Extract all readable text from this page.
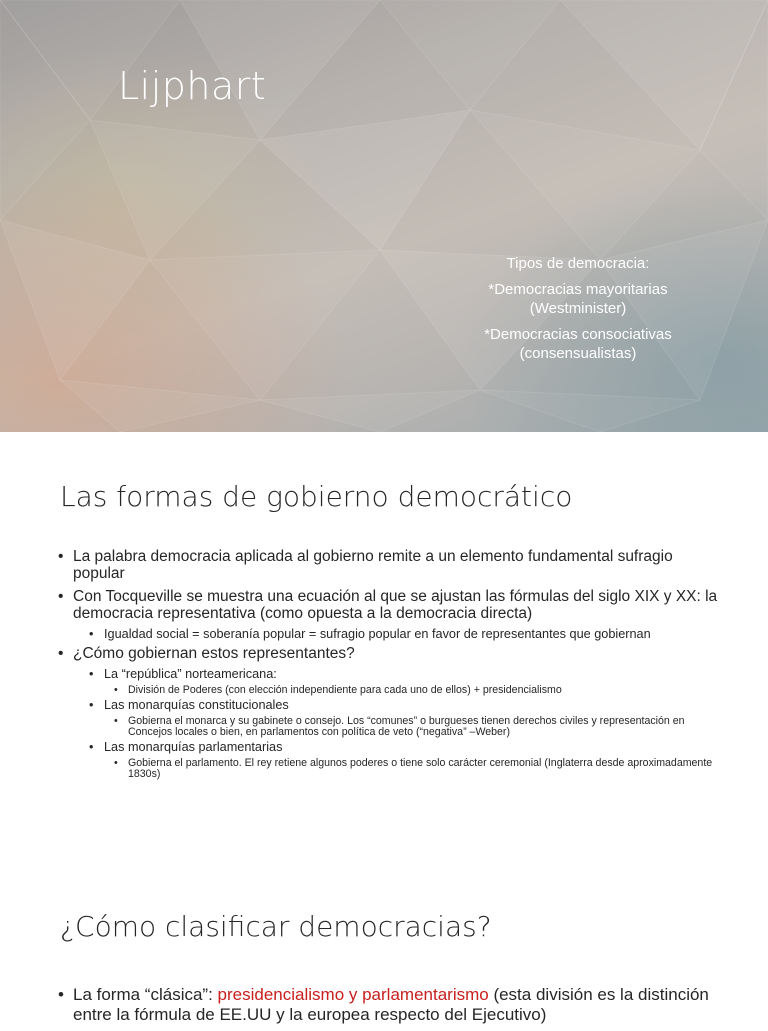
Lijphart
Tipos de democracia:
*Democracias mayoritarias (Westminister)
*Democracias consociativas (consensualistas)
Las formas de gobierno democrático
• La palabra democracia aplicada al gobierno remite a un elemento fundamental sufragio popular
• Con Tocqueville se muestra una ecuación al que se ajustan las fórmulas del siglo XIX y XX: la democracia representativa (como opuesta a la democracia directa)
• Igualdad social = soberanía popular = sufragio popular en favor de representantes que gobiernan
• ¿Cómo gobiernan estos representantes?
• La “república” norteamericana:
• División de Poderes (con elección independiente para cada uno de ellos) + presidencialismo
• Las monarquías constitucionales
• Gobierna el monarca y su gabinete o consejo. Los “comunes” o burgueses tienen derechos civiles y representación en Concejos locales o bien, en parlamentos con política de veto (“negativa” –Weber)
• Las monarquías parlamentarias
• Gobierna el parlamento. El rey retiene algunos poderes o tiene solo carácter ceremonial (Inglaterra desde aproximadamente 1830s)
¿Cómo clasificar democracias?
• La forma “clásica”: presidencialismo y parlamentarismo (esta división es la distinción entre la fórmula de EE.UU y la europea respecto del Ejecutivo)
